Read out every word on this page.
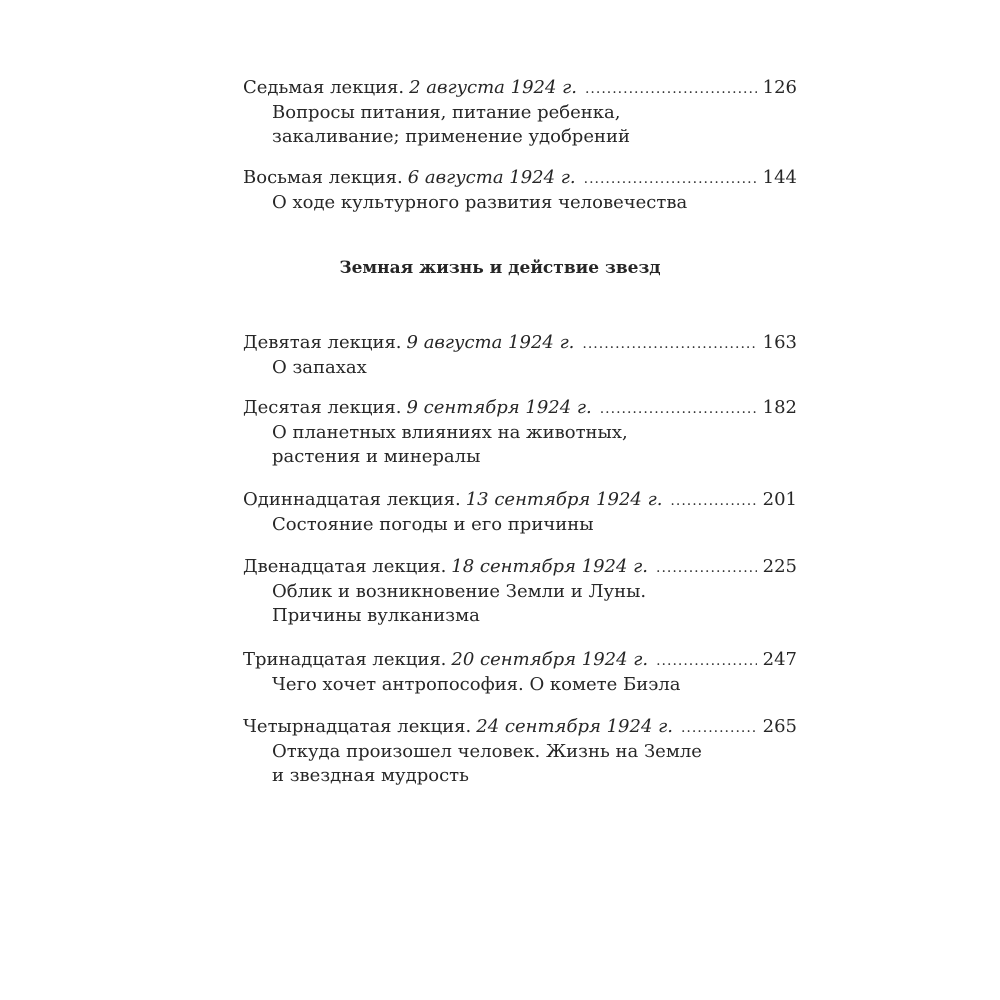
Седьмая лекция. 2 августа 1924 г. .....	126
Вопросы питания, питание ребенка,
закаливание; применение удобрений
Восьмая лекция. 6 августа 1924 г. .....	144
О ходе культурного развития человечества
Земная жизнь и действие звезд
Девятая лекция. 9 августа 1924 г. .....	163
О запахах
Десятая лекция. 9 сентября 1924 г. .....	182
О планетных влияниях на животных,
растения и минералы
Одиннадцатая лекция. 13 сентября 1924 г. .....	201
Состояние погоды и его причины
Двенадцатая лекция. 18 сентября 1924 г. .....	225
Облик и возникновение Земли и Луны.
Причины вулканизма
Тринадцатая лекция. 20 сентября 1924 г. .....	247
Чего хочет антропософия. О комете Биэла
Четырнадцатая лекция. 24 сентября 1924 г. .....	265
Откуда произошел человек. Жизнь на Земле
и звездная мудрость
